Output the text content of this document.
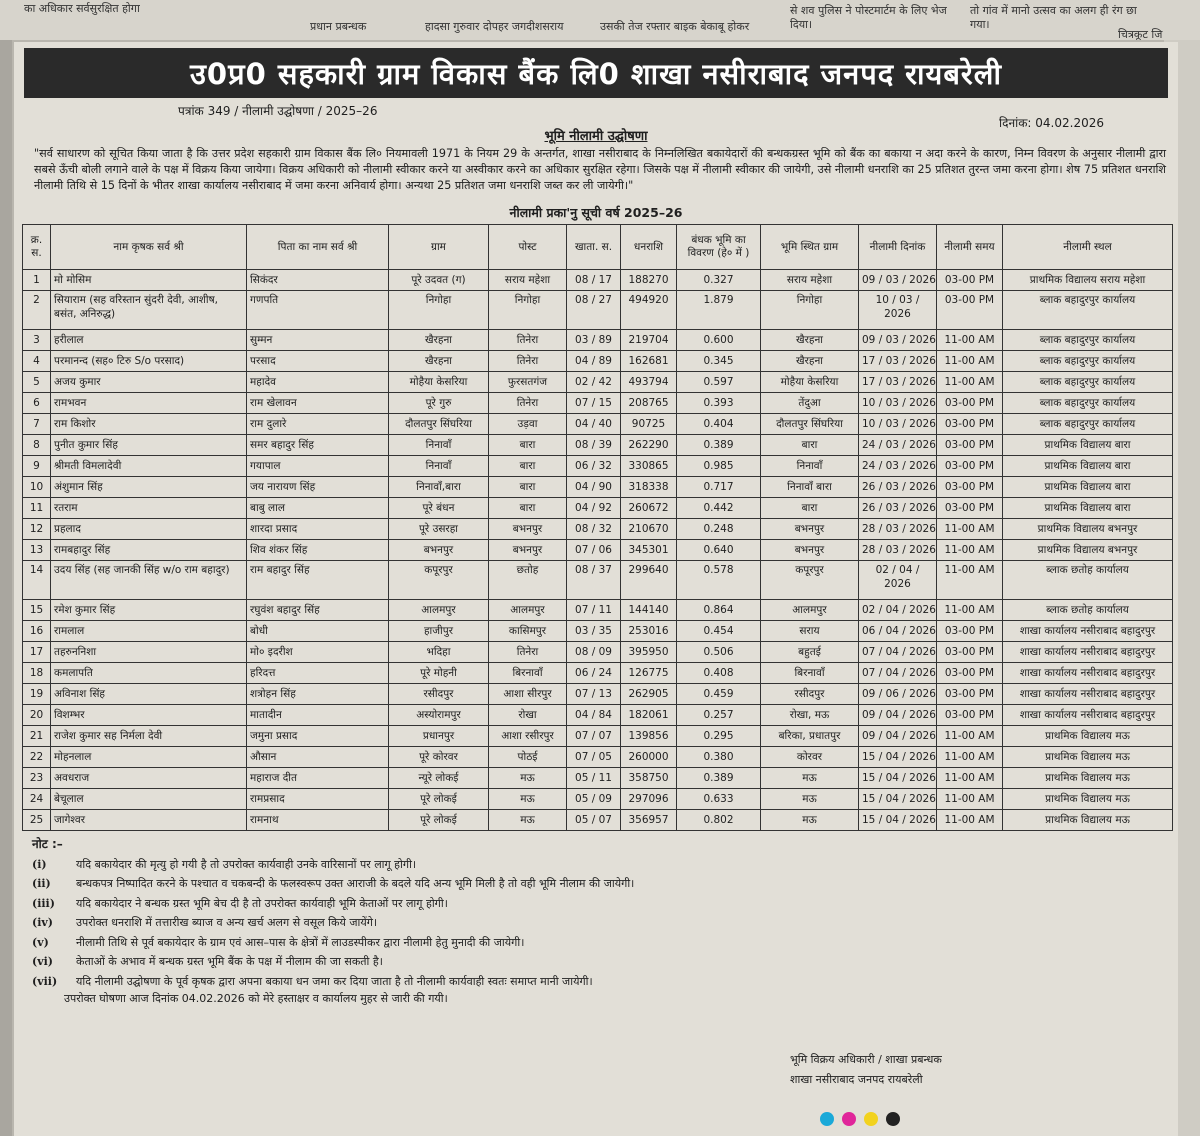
का अधिकार सर्वसुरक्षित होगा
प्रधान प्रबन्धक	हादसा गुरुवार दोपहर जगदीशसराय	उसकी तेज रफ्तार बाइक बेकाबू होकर
से शव पुलिस ने पोस्टमार्टम के लिए भेज दिया।
तो गांव में मानो उत्सव का अलग ही रंग छा गया।
चित्रकूट जि
उ0प्र0 सहकारी ग्राम विकास बैंक लि0 शाखा नसीराबाद जनपद रायबरेली
पत्रांक 349 / नीलामी उद्घोषणा / 2025–26
दिनांक: 04.02.2026
भूमि नीलामी उद्घोषणा
"सर्व साधारण को सूचित किया जाता है कि उत्तर प्रदेश सहकारी ग्राम विकास बैंक लि० नियमावली 1971 के नियम 29 के अन्तर्गत, शाखा नसीराबाद के निम्नलिखित बकायेदारों की बन्धकग्रस्त भूमि को बैंक का बकाया न अदा करने के कारण, निम्न विवरण के अनुसार नीलामी द्वारा सबसे ऊँची बोली लगाने वाले के पक्ष में विक्रय किया जायेगा। विक्रय अधिकारी को नीलामी स्वीकार करने या अस्वीकार करने का अधिकार सुरक्षित रहेगा। जिसके पक्ष में नीलामी स्वीकार की जायेगी, उसे नीलामी धनराशि का 25 प्रतिशत तुरन्त जमा करना होगा। शेष 75 प्रतिशत धनराशि नीलामी तिथि से 15 दिनों के भीतर शाखा कार्यालय नसीराबाद में जमा करना अनिवार्य होगा। अन्यथा 25 प्रतिशत जमा धनराशि जब्त कर ली जायेगी।"
नीलामी प्रका'नु सूची वर्ष 2025–26
क्र. स.	नाम कृषक सर्व श्री	पिता का नाम सर्व श्री	ग्राम	पोस्ट	खाता. स.	धनराशि	बंधक भूमि का विवरण (हे० में )	भूमि स्थित ग्राम	नीलामी दिनांक	नीलामी समय	नीलामी स्थल
1	मो मोसिम	सिकंदर	पूरे उदवत (ग)	सराय महेशा	08 / 17	188270	0.327	सराय महेशा	09 / 03 / 2026	03-00 PM	प्राथमिक विद्यालय सराय महेशा
2	सियाराम (सह वरिस्तान सुंदरी देवी, आशीष, बसंत, अनिरुद्ध)	गणपति	निगोहा	निगोहा	08 / 27	494920	1.879	निगोहा	10 / 03 / 2026	03-00 PM	ब्लाक बहादुरपुर कार्यालय
3	हरीलाल	सुम्मन	खैरहना	तिनेरा	03 / 89	219704	0.600	खैरहना	09 / 03 / 2026	11-00 AM	ब्लाक बहादुरपुर कार्यालय
4	परमानन्द (सह० टिरु S/o परसाद)	परसाद	खैरहना	तिनेरा	04 / 89	162681	0.345	खैरहना	17 / 03 / 2026	11-00 AM	ब्लाक बहादुरपुर कार्यालय
5	अजय कुमार	महादेव	मोहैया केसरिया	फुरसतगंज	02 / 42	493794	0.597	मोहैया केसरिया	17 / 03 / 2026	11-00 AM	ब्लाक बहादुरपुर कार्यालय
6	रामभवन	राम खेलावन	पूरे गुरु	तिनेरा	07 / 15	208765	0.393	तेंदुआ	10 / 03 / 2026	03-00 PM	ब्लाक बहादुरपुर कार्यालय
7	राम किशोर	राम दुलारे	दौलतपुर सिंघरिया	उड़वा	04 / 40	90725	0.404	दौलतपुर सिंघरिया	10 / 03 / 2026	03-00 PM	ब्लाक बहादुरपुर कार्यालय
8	पुनीत कुमार सिंह	समर बहादुर सिंह	निनावाँ	बारा	08 / 39	262290	0.389	बारा	24 / 03 / 2026	03-00 PM	प्राथमिक विद्यालय बारा
9	श्रीमती विमलादेवी	गयापाल	निनावाँ	बारा	06 / 32	330865	0.985	निनावाँ	24 / 03 / 2026	03-00 PM	प्राथमिक विद्यालय बारा
10	अंशुमान सिंह	जय नारायण सिंह	निनावाँ,बारा	बारा	04 / 90	318338	0.717	निनावाँ बारा	26 / 03 / 2026	03-00 PM	प्राथमिक विद्यालय बारा
11	रतराम	बाबु लाल	पूरे बंधन	बारा	04 / 92	260672	0.442	बारा	26 / 03 / 2026	03-00 PM	प्राथमिक विद्यालय बारा
12	प्रहलाद	शारदा प्रसाद	पूरे उसरहा	बभनपुर	08 / 32	210670	0.248	बभनपुर	28 / 03 / 2026	11-00 AM	प्राथमिक विद्यालय बभनपुर
13	रामबहादुर सिंह	शिव शंकर सिंह	बभनपुर	बभनपुर	07 / 06	345301	0.640	बभनपुर	28 / 03 / 2026	11-00 AM	प्राथमिक विद्यालय बभनपुर
14	उदय सिंह (सह जानकी सिंह w/o राम बहादुर)	राम बहादुर सिंह	कपूरपुर	छतोह	08 / 37	299640	0.578	कपूरपुर	02 / 04 / 2026	11-00 AM	ब्लाक छतोह कार्यालय
15	रमेश कुमार सिंह	रघुवंश बहादुर सिंह	आलमपुर	आलमपुर	07 / 11	144140	0.864	आलमपुर	02 / 04 / 2026	11-00 AM	ब्लाक छतोह कार्यालय
16	रामलाल	बोधी	हाजीपुर	कासिमपुर	03 / 35	253016	0.454	सराय	06 / 04 / 2026	03-00 PM	शाखा कार्यालय नसीराबाद बहादुरपुर
17	तहरुननिशा	मो० इदरीश	भदिहा	तिनेरा	08 / 09	395950	0.506	बहुतई	07 / 04 / 2026	03-00 PM	शाखा कार्यालय नसीराबाद बहादुरपुर
18	कमलापति	हरिदत्त	पूरे मोहनी	बिरनावाँ	06 / 24	126775	0.408	बिरनावाँ	07 / 04 / 2026	03-00 PM	शाखा कार्यालय नसीराबाद बहादुरपुर
19	अविनाश सिंह	शत्रोहन सिंह	रसीदपुर	आशा सीरपुर	07 / 13	262905	0.459	रसीदपुर	09 / 06 / 2026	03-00 PM	शाखा कार्यालय नसीराबाद बहादुरपुर
20	विशम्भर	मातादीन	अस्योरामपुर	रोखा	04 / 84	182061	0.257	रोखा, मऊ	09 / 04 / 2026	03-00 PM	शाखा कार्यालय नसीराबाद बहादुरपुर
21	राजेश कुमार सह निर्मला देवी	जमुना प्रसाद	प्रधानपुर	आशा रसीरपुर	07 / 07	139856	0.295	बरिका, प्रधातपुर	09 / 04 / 2026	11-00 AM	प्राथमिक विद्यालय मऊ
22	मोहनलाल	औसान	पूरे कोरवर	पोठई	07 / 05	260000	0.380	कोरवर	15 / 04 / 2026	11-00 AM	प्राथमिक विद्यालय मऊ
23	अवधराज	महाराज दीत	न्यूरे लोकई	मऊ	05 / 11	358750	0.389	मऊ	15 / 04 / 2026	11-00 AM	प्राथमिक विद्यालय मऊ
24	बेचूलाल	रामप्रसाद	पूरे लोकई	मऊ	05 / 09	297096	0.633	मऊ	15 / 04 / 2026	11-00 AM	प्राथमिक विद्यालय मऊ
25	जागेश्वर	रामनाथ	पूरे लोकई	मऊ	05 / 07	356957	0.802	मऊ	15 / 04 / 2026	11-00 AM	प्राथमिक विद्यालय मऊ
नोट :–
(i)	यदि बकायेदार की मृत्यु हो गयी है तो उपरोक्त कार्यवाही उनके वारिसानों पर लागू होगी।
(ii)	बन्धकपत्र निष्पादित करने के पश्चात व चकबन्दी के फलस्वरूप उक्त आराजी के बदले यदि अन्य भूमि मिली है तो वही भूमि नीलाम की जायेगी।
(iii)	यदि बकायेदार ने बन्धक ग्रस्त भूमि बेच दी है तो उपरोक्त कार्यवाही भूमि केताओं पर लागू होगी।
(iv)	उपरोक्त धनराशि में तत्तारीख ब्याज व अन्य खर्च अलग से वसूल किये जायेंगे।
(v)	नीलामी तिथि से पूर्व बकायेदार के ग्राम एवं आस–पास के क्षेत्रों में लाउडस्पीकर द्वारा नीलामी हेतु मुनादी की जायेगी।
(vi)	केताओं के अभाव में बन्धक ग्रस्त भूमि बैंक के पक्ष में नीलाम की जा सकती है।
(vii)	यदि नीलामी उद्घोषणा के पूर्व कृषक द्वारा अपना बकाया धन जमा कर दिया जाता है तो नीलामी कार्यवाही स्वतः समाप्त मानी जायेगी।
उपरोक्त घोषणा आज दिनांक 04.02.2026 को मेरे हस्ताक्षर व कार्यालय मुहर से जारी की गयी।
भूमि विक्रय अधिकारी / शाखा प्रबन्धक
शाखा नसीराबाद जनपद रायबरेली
